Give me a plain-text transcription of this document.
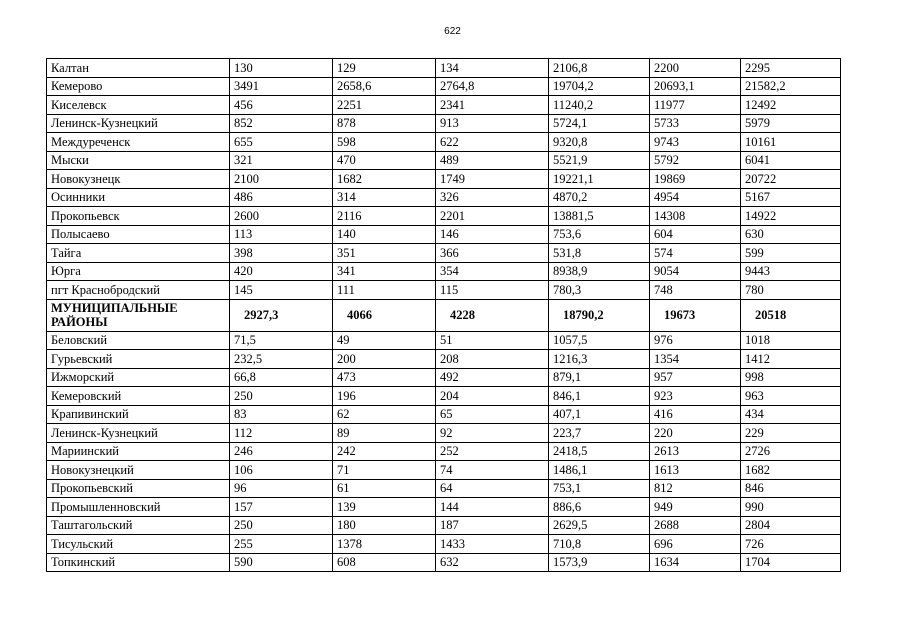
622
Калтан	130	129	134	2106,8	2200	2295
Кемерово	3491	2658,6	2764,8	19704,2	20693,1	21582,2
Киселевск	456	2251	2341	11240,2	11977	12492
Ленинск-Кузнецкий	852	878	913	5724,1	5733	5979
Междуреченск	655	598	622	9320,8	9743	10161
Мыски	321	470	489	5521,9	5792	6041
Новокузнецк	2100	1682	1749	19221,1	19869	20722
Осинники	486	314	326	4870,2	4954	5167
Прокопьевск	2600	2116	2201	13881,5	14308	14922
Полысаево	113	140	146	753,6	604	630
Тайга	398	351	366	531,8	574	599
Юрга	420	341	354	8938,9	9054	9443
пгт Краснобродский	145	111	115	780,3	748	780
МУНИЦИПАЛЬНЫЕ РАЙОНЫ	2927,3	4066	4228	18790,2	19673	20518
Беловский	71,5	49	51	1057,5	976	1018
Гурьевский	232,5	200	208	1216,3	1354	1412
Ижморский	66,8	473	492	879,1	957	998
Кемеровский	250	196	204	846,1	923	963
Крапивинский	83	62	65	407,1	416	434
Ленинск-Кузнецкий	112	89	92	223,7	220	229
Мариинский	246	242	252	2418,5	2613	2726
Новокузнецкий	106	71	74	1486,1	1613	1682
Прокопьевский	96	61	64	753,1	812	846
Промышленновский	157	139	144	886,6	949	990
Таштагольский	250	180	187	2629,5	2688	2804
Тисульский	255	1378	1433	710,8	696	726
Топкинский	590	608	632	1573,9	1634	1704
